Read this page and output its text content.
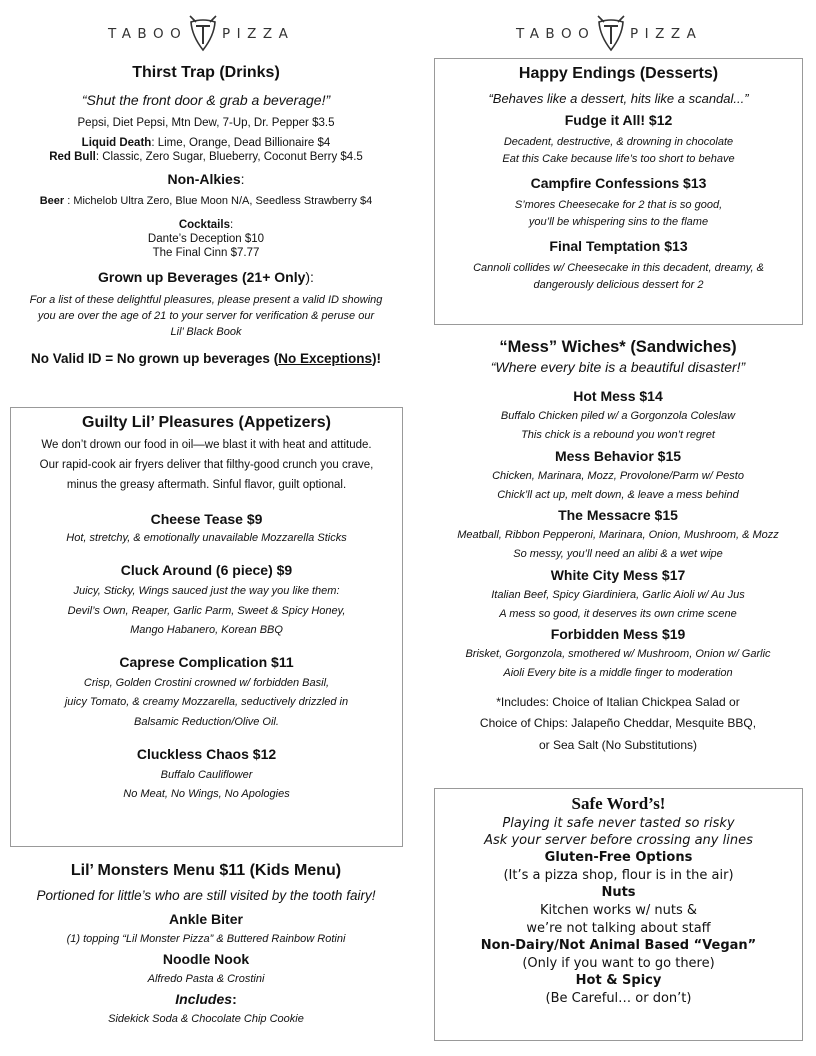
TABOO	PIZZA	TABOO	PIZZA
Thirst Trap (Drinks)
“Shut the front door & grab a beverage!”
Pepsi, Diet Pepsi, Mtn Dew, 7-Up, Dr. Pepper $3.5
Liquid Death: Lime, Orange, Dead Billionaire $4
Red Bull: Classic, Zero Sugar, Blueberry, Coconut Berry $4.5
Non-Alkies:
Beer : Michelob Ultra Zero, Blue Moon N/A, Seedless Strawberry $4
Cocktails:
Dante’s Deception $10
The Final Cinn $7.77
Grown up Beverages (21+ Only):
For a list of these delightful pleasures, please present a valid ID showing
you are over the age of 21 to your server for verification & peruse our
Lil’ Black Book
No Valid ID = No grown up beverages (No Exceptions)!
Guilty Lil’ Pleasures (Appetizers)
We don’t drown our food in oil—we blast it with heat and attitude.
Our rapid-cook air fryers deliver that filthy-good crunch you crave,
minus the greasy aftermath. Sinful flavor, guilt optional.
Cheese Tease $9
Hot, stretchy, & emotionally unavailable Mozzarella Sticks
Cluck Around (6 piece) $9
Juicy, Sticky, Wings sauced just the way you like them:
Devil’s Own, Reaper, Garlic Parm, Sweet & Spicy Honey,
Mango Habanero, Korean BBQ
Caprese Complication $11
Crisp, Golden Crostini crowned w/ forbidden Basil,
juicy Tomato, & creamy Mozzarella, seductively drizzled in
Balsamic Reduction/Olive Oil.
Cluckless Chaos $12
Buffalo Cauliflower
No Meat, No Wings, No Apologies
Lil’ Monsters Menu $11 (Kids Menu)
Portioned for little’s who are still visited by the tooth fairy!
Ankle Biter
(1) topping “Lil Monster Pizza” & Buttered Rainbow Rotini
Noodle Nook
Alfredo Pasta & Crostini
Includes:
Sidekick Soda & Chocolate Chip Cookie
Happy Endings (Desserts)
“Behaves like a dessert, hits like a scandal...”
Fudge it All! $12
Decadent, destructive, & drowning in chocolate
Eat this Cake because life’s too short to behave
Campfire Confessions $13
S’mores Cheesecake for 2 that is so good,
you’ll be whispering sins to the flame
Final Temptation $13
Cannoli collides w/ Cheesecake in this decadent, dreamy, &
dangerously delicious dessert for 2
“Mess” Wiches* (Sandwiches)
“Where every bite is a beautiful disaster!”
Hot Mess $14
Buffalo Chicken piled w/ a Gorgonzola Coleslaw
This chick is a rebound you won’t regret
Mess Behavior $15
Chicken, Marinara, Mozz, Provolone/Parm w/ Pesto
Chick’ll act up, melt down, & leave a mess behind
The Messacre $15
Meatball, Ribbon Pepperoni, Marinara, Onion, Mushroom, & Mozz
So messy, you’ll need an alibi & a wet wipe
White City Mess $17
Italian Beef, Spicy Giardiniera, Garlic Aioli w/ Au Jus
A mess so good, it deserves its own crime scene
Forbidden Mess $19
Brisket, Gorgonzola, smothered w/ Mushroom, Onion w/ Garlic
Aioli Every bite is a middle finger to moderation
*Includes: Choice of Italian Chickpea Salad or
Choice of Chips: Jalapeño Cheddar, Mesquite BBQ,
or Sea Salt (No Substitutions)
Safe Word’s!
Playing it safe never tasted so risky
Ask your server before crossing any lines
Gluten-Free Options
(It’s a pizza shop, flour is in the air)
Nuts
Kitchen works w/ nuts &
we’re not talking about staff
Non-Dairy/Not Animal Based “Vegan”
(Only if you want to go there)
Hot & Spicy
(Be Careful… or don’t)
